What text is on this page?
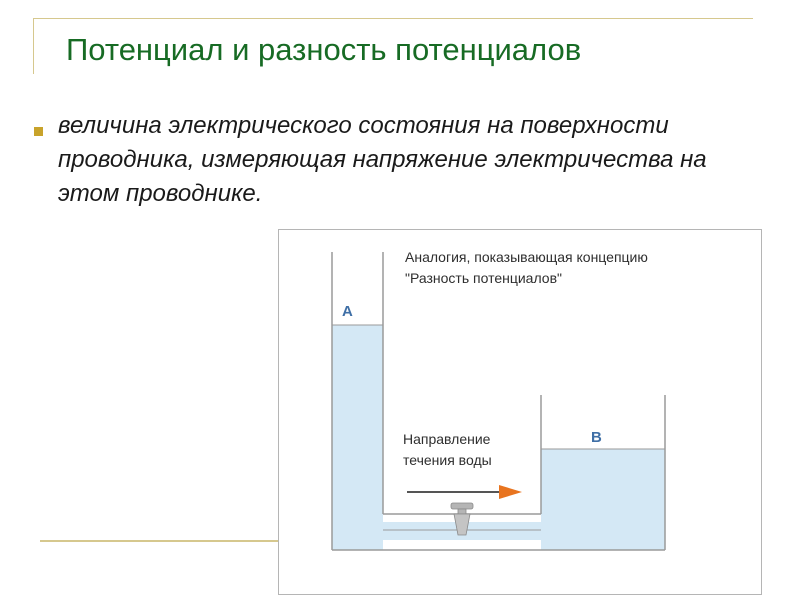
Потенциал и разность потенциалов
величина электрического состояния на поверхности проводника, измеряющая напряжение электричества на этом проводнике.
A
B
Аналогия, показывающая концепцию
"Разность потенциалов"
Направление
течения воды
